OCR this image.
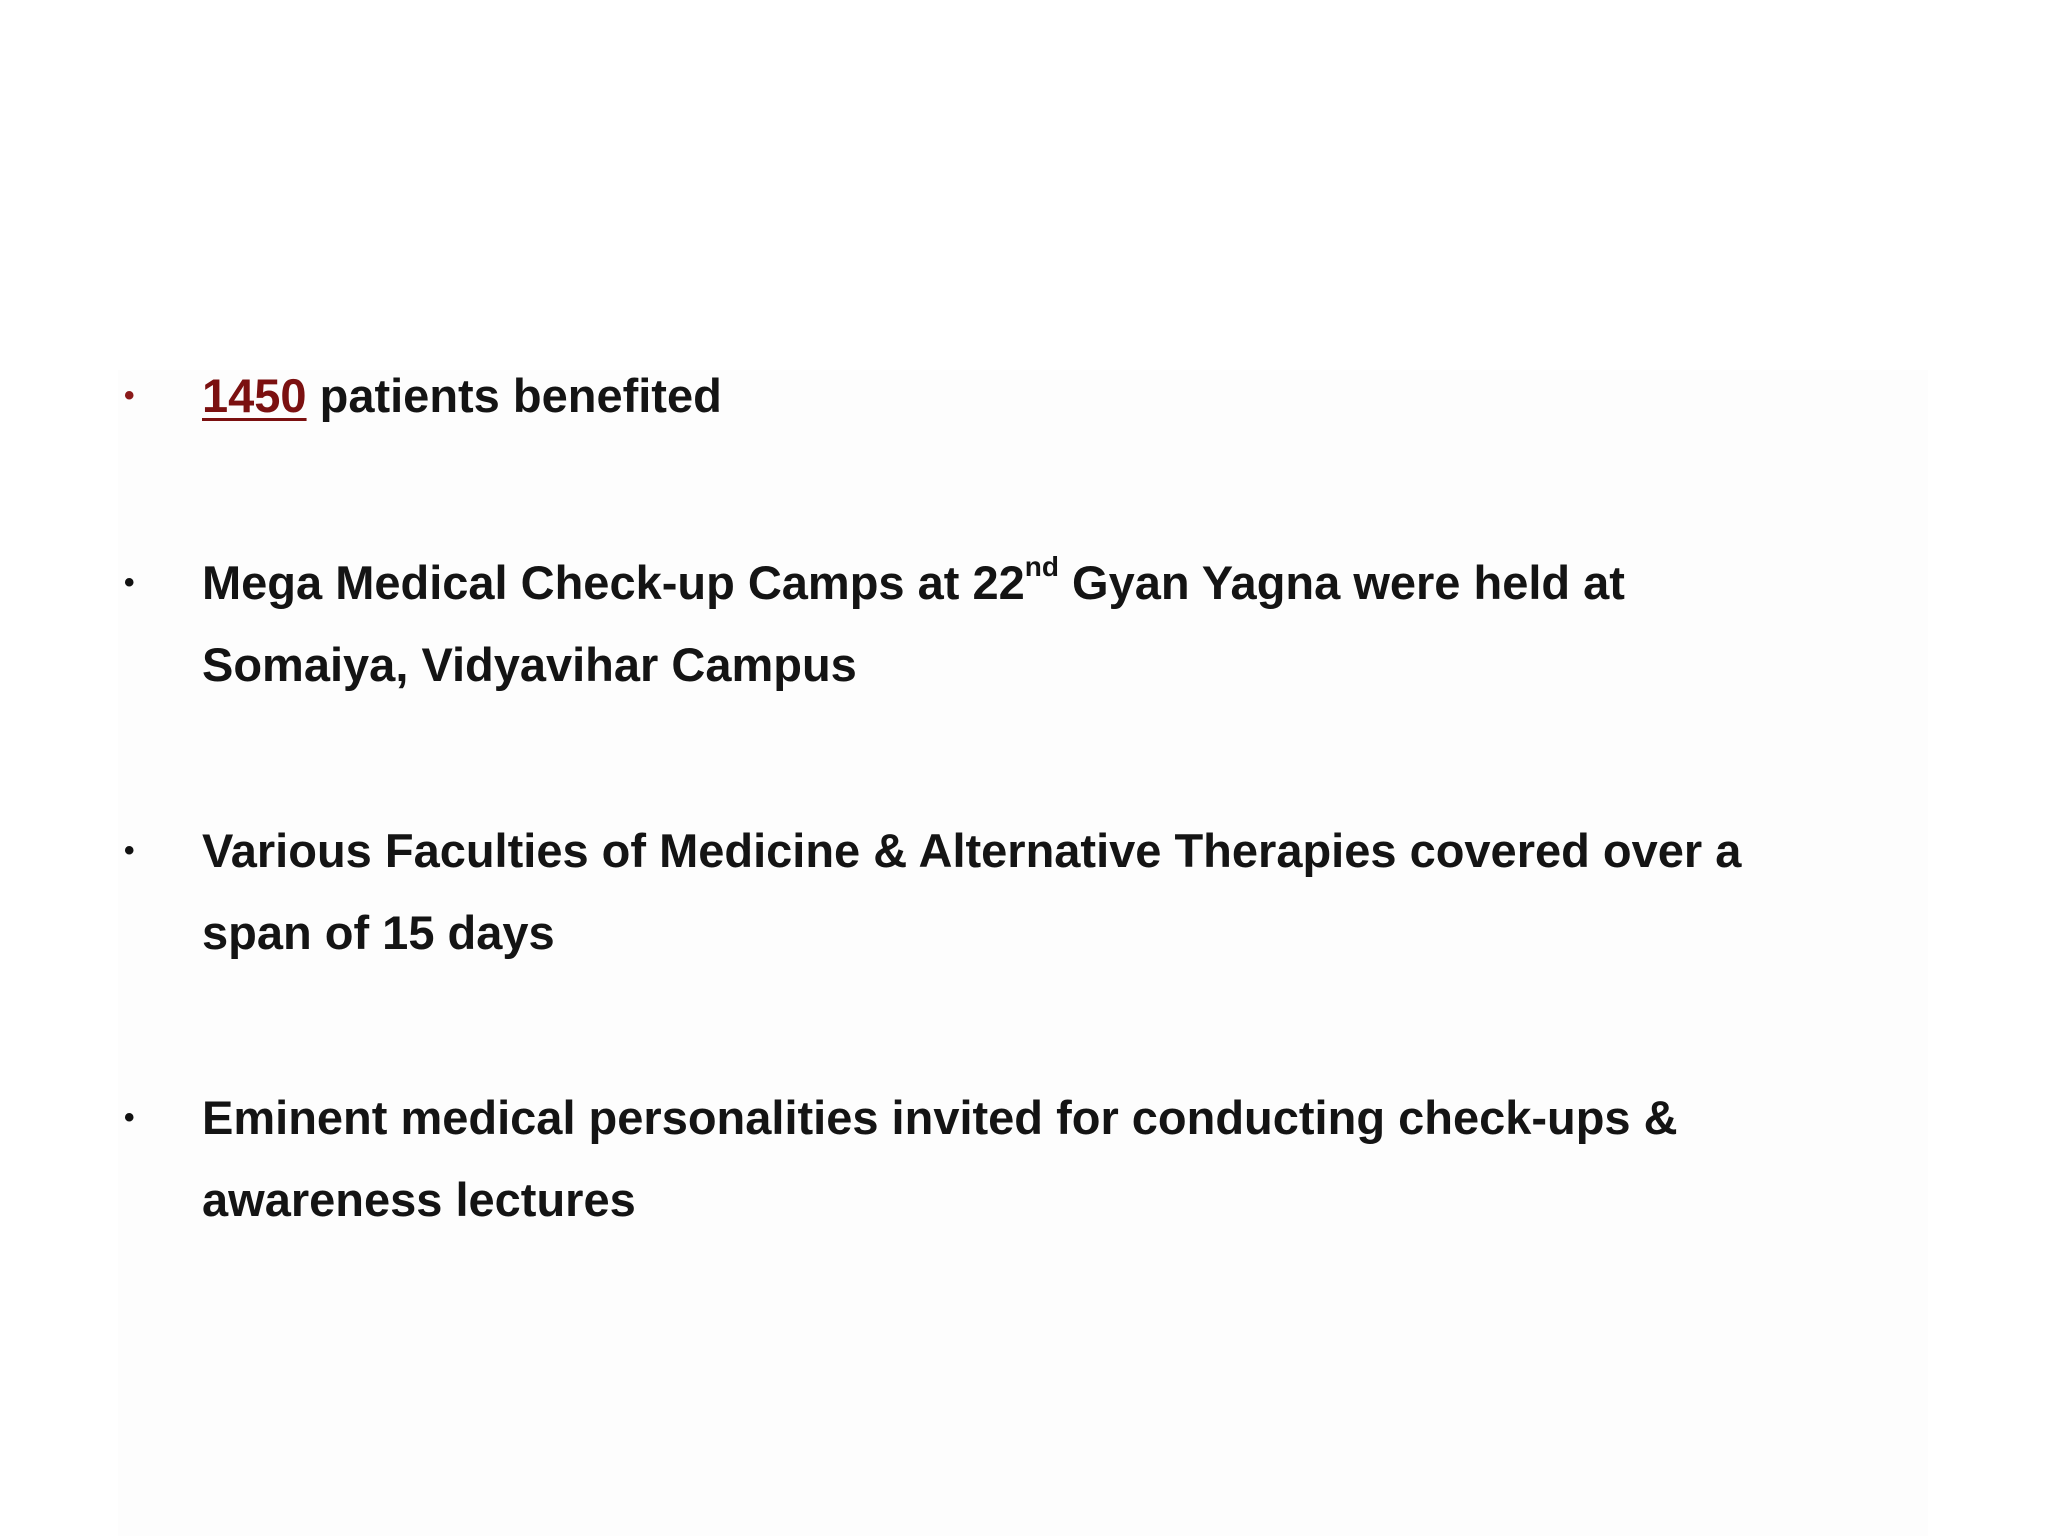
• 1450 patients benefited
• Mega Medical Check-up Camps at 22nd Gyan Yagna were held at Somaiya, Vidyavihar Campus
• Various Faculties of Medicine & Alternative Therapies covered over a span of 15 days
• Eminent medical personalities invited for conducting check-ups & awareness lectures
